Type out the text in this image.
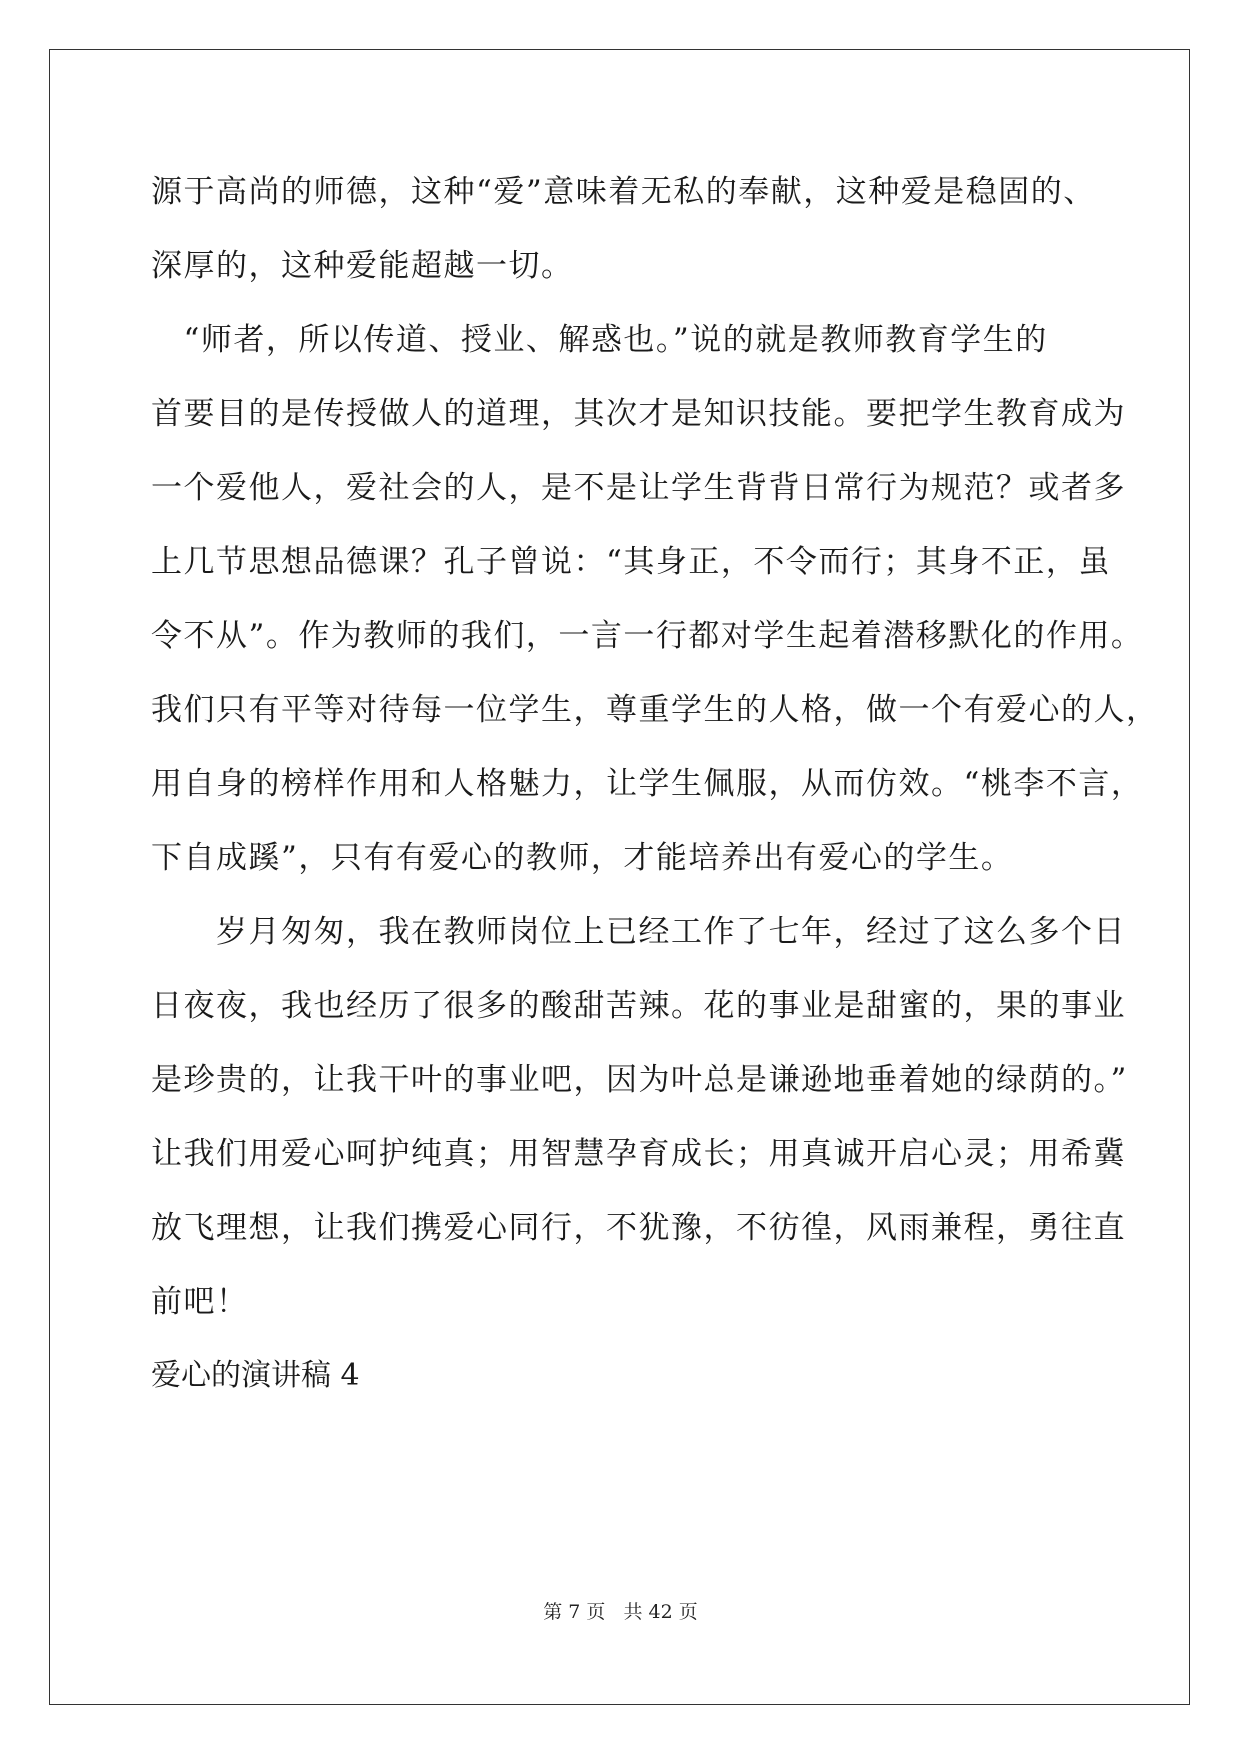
源于高尚的师德，这种“爱”意味着无私的奉献，这种爱是稳固的、
深厚的，这种爱能超越一切。
　“师者，所以传道、授业、解惑也。”说的就是教师教育学生的
首要目的是传授做人的道理，其次才是知识技能。要把学生教育成为
一个爱他人，爱社会的人，是不是让学生背背日常行为规范？或者多
上几节思想品德课？孔子曾说：“其身正，不令而行；其身不正，虽
令不从”。作为教师的我们，一言一行都对学生起着潜移默化的作用。
我们只有平等对待每一位学生，尊重学生的人格，做一个有爱心的人，
用自身的榜样作用和人格魅力，让学生佩服，从而仿效。“桃李不言，
下自成蹊”，只有有爱心的教师，才能培养出有爱心的学生。
　　岁月匆匆，我在教师岗位上已经工作了七年，经过了这么多个日
日夜夜，我也经历了很多的酸甜苦辣。花的事业是甜蜜的，果的事业
是珍贵的，让我干叶的事业吧，因为叶总是谦逊地垂着她的绿荫的。”
让我们用爱心呵护纯真；用智慧孕育成长；用真诚开启心灵；用希冀
放飞理想，让我们携爱心同行，不犹豫，不彷徨，风雨兼程，勇往直
前吧！
爱心的演讲稿 4
第 7 页 共 42 页
